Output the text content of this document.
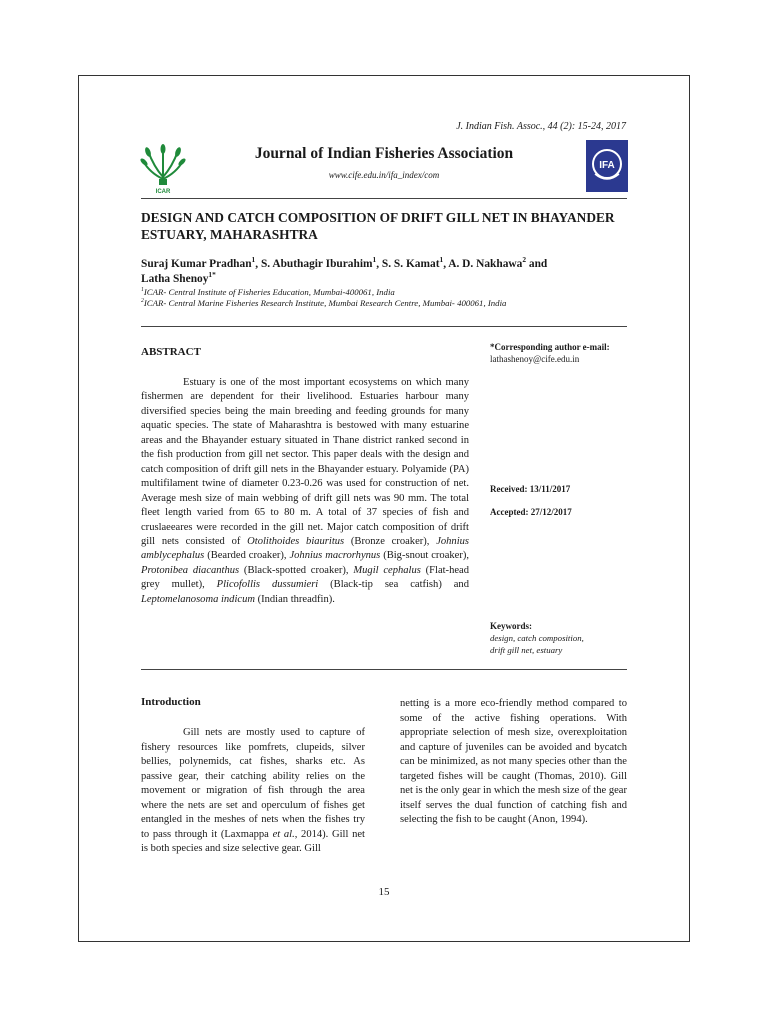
J. Indian Fish. Assoc., 44 (2): 15-24, 2017
ICAR
IFA
Journal of Indian Fisheries Association
www.cife.edu.in/ifa_index/com
DESIGN AND CATCH COMPOSITION OF DRIFT GILL NET IN BHAYANDER
ESTUARY, MAHARASHTRA
Suraj Kumar Pradhan$^1$, S. Abuthagir Iburahim$^1$, S. S. Kamat$^1$, A. D. Nakhawa$^2$ and
Latha Shenoy$^{1*}$
$^1$ICAR- Central Institute of Fisheries Education, Mumbai-400061, India
$^2$ICAR- Central Marine Fisheries Research Institute, Mumbai Research Centre, Mumbai- 400061, India
ABSTRACT	*Corresponding author e-mail:
lathashenoy@cife.edu.in
Estuary is one of the most important ecosystems on which many fishermen are dependent for their livelihood. Estuaries harbour many diversified species being the main breeding and feeding grounds for many aquatic species. The state of Maharashtra is bestowed with many estuarine areas and the Bhayander estuary situated in Thane district ranked second in the fish production from gill net sector. This paper deals with the design and catch composition of drift gill nets in the Bhayander estuary. Polyamide (PA) multifilament twine of diameter 0.23-0.26 was used for construction of net. Average mesh size of main webbing of drift gill nets was 90 mm. The total fleet length varied from 65 to 80 m. A total of 37 species of fish and cruslaeeares were recorded in the gill net. Major catch composition of drift gill nets consisted of Otolithoides biauritus (Bronze croaker), Johnius amblycephalus (Bearded croaker), Johnius macrorhynus (Big-snout croaker), Protonibea diacanthus (Black-spotted croaker), Mugil cephalus (Flat-head grey mullet), Plicofollis dussumieri (Black-tip sea catfish) and Leptomelanosoma indicum (Indian threadfin).
Received: 13/11/2017
Accepted: 27/12/2017
Keywords:
design, catch composition,
drift gill net, estuary
Introduction
Gill nets are mostly used to capture of fishery resources like pomfrets, clupeids, silver bellies, polynemids, cat fishes, sharks etc. As passive gear, their catching ability relies on the movement or migration of fish through the area where the nets are set and operculum of fishes get entangled in the meshes of nets when the fishes try to pass through it (Laxmappa et al., 2014). Gill net is both species and size selective gear. Gill
netting is a more eco-friendly method compared to some of the active fishing operations. With appropriate selection of mesh size, overexploitation and capture of juveniles can be avoided and bycatch can be minimized, as not many species other than the targeted fishes will be caught (Thomas, 2010). Gill net is the only gear in which the mesh size of the gear itself serves the dual function of catching fish and selecting the fish to be caught (Anon, 1994).
15
